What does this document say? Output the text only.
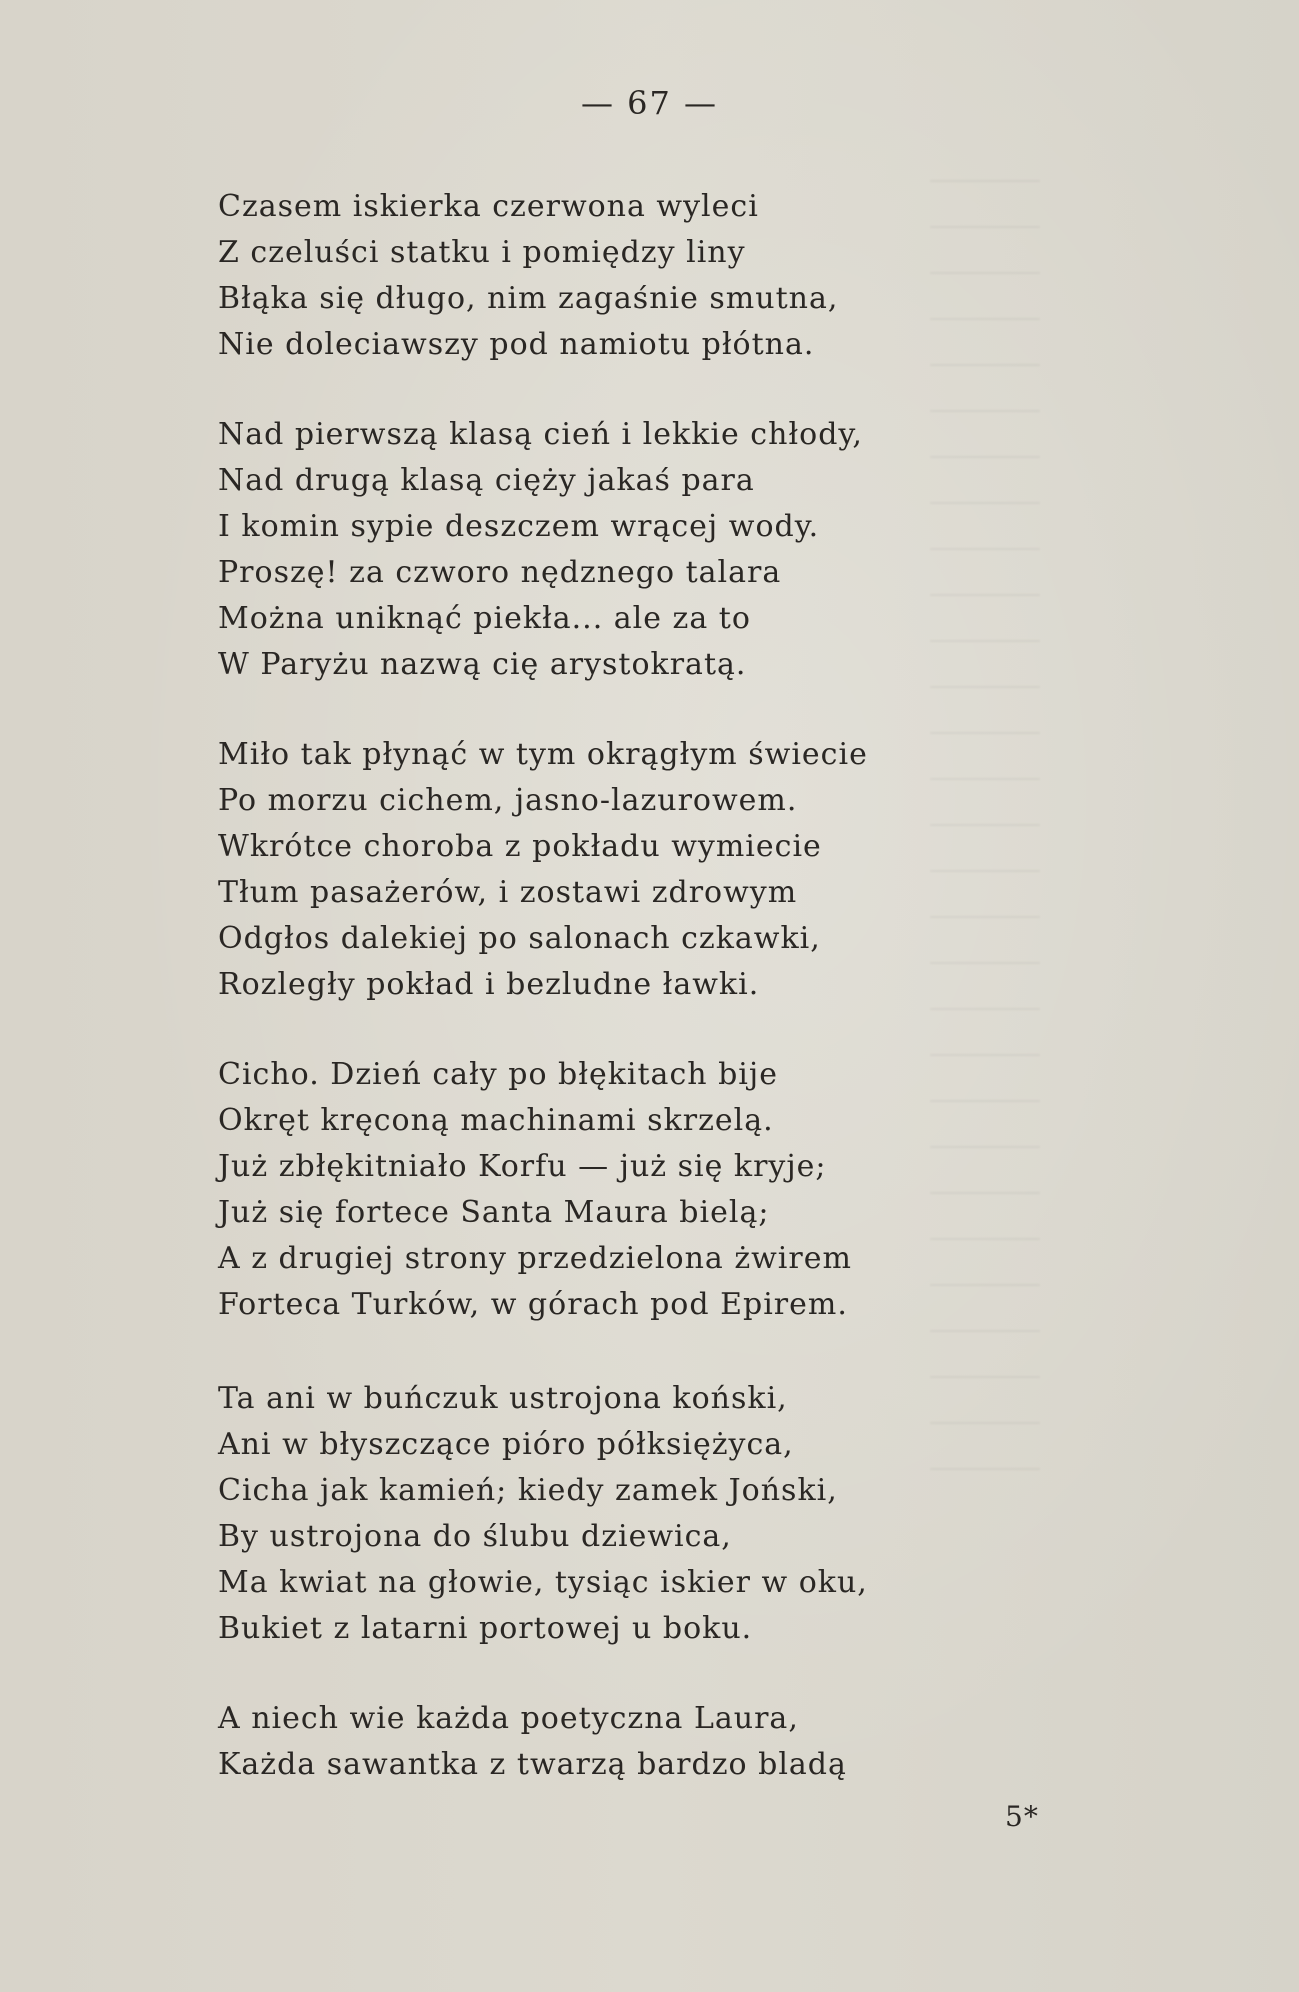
— 67 —
Czasem iskierka czerwona wyleci
Z czeluści statku i pomiędzy liny
Błąka się długo, nim zagaśnie smutna,
Nie doleciawszy pod namiotu płótna.
Nad pierwszą klasą cień i lekkie chłody,
Nad drugą klasą cięży jakaś para
I komin sypie deszczem wrącej wody.
Proszę! za czworo nędznego talara
Można uniknąć piekła... ale za to
W Paryżu nazwą cię arystokratą.
Miło tak płynąć w tym okrągłym świecie
Po morzu cichem, jasno-lazurowem.
Wkrótce choroba z pokładu wymiecie
Tłum pasażerów, i zostawi zdrowym
Odgłos dalekiej po salonach czkawki,
Rozległy pokład i bezludne ławki.
Cicho. Dzień cały po błękitach bije
Okręt kręconą machinami skrzelą.
Już zbłękitniało Korfu — już się kryje;
Już się fortece Santa Maura bielą;
A z drugiej strony przedzielona żwirem
Forteca Turków, w górach pod Epirem.
Ta ani w buńczuk ustrojona koński,
Ani w błyszczące pióro półksiężyca,
Cicha jak kamień; kiedy zamek Joński,
By ustrojona do ślubu dziewica,
Ma kwiat na głowie, tysiąc iskier w oku,
Bukiet z latarni portowej u boku.
A niech wie każda poetyczna Laura,
Każda sawantka z twarzą bardzo bladą
5*
